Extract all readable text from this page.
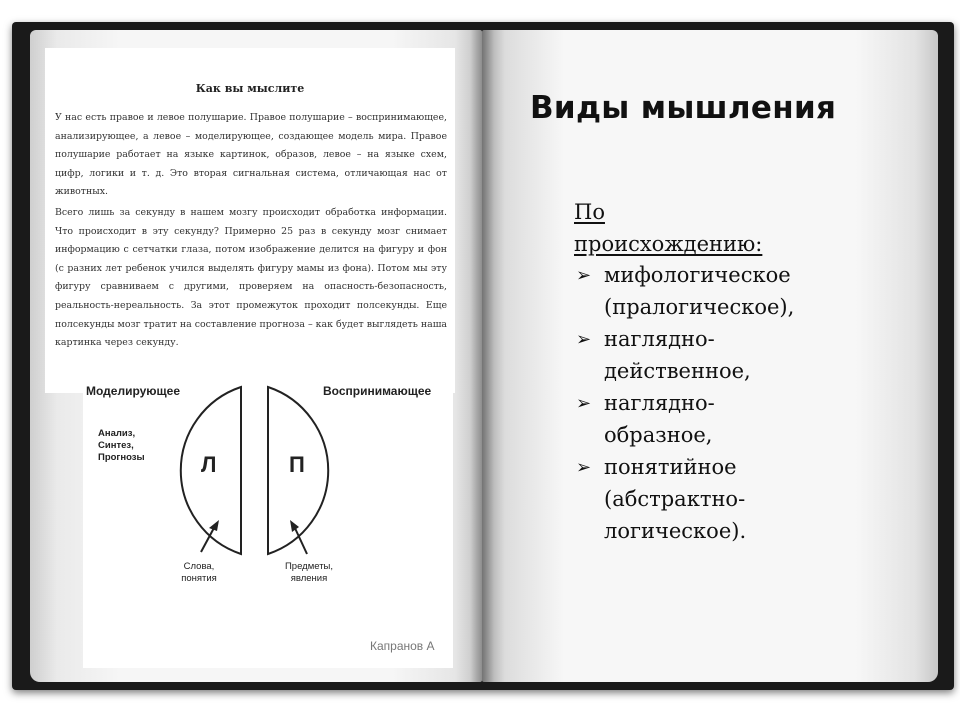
Как вы мыслите

У нас есть правое и левое полушарие. Правое полушарие – воспринимающее, анализирующее, а левое – моделирующее, создающее модель мира. Правое полушарие работает на языке картинок, образов, левое – на языке схем, цифр, логики и т. д. Это вторая сигнальная система, отличающая нас от животных.

Всего лишь за секунду в нашем мозгу происходит обработка информации. Что происходит в эту секунду? Примерно 25 раз в секунду мозг снимает информацию с сетчатки глаза, потом изображение делится на фигуру и фон (с разних лет ребенок учился выделять фигуру мамы из фона). Потом мы эту фигуру сравниваем с другими, проверяем на опасность-безопасность, реальность-нереальность. За этот промежуток проходит полсекунды. Еще полсекунды мозг тратит на составление прогноза – как будет выглядеть наша картинка через секунду.

Моделирующее	Воспринимающее
Л	П
Анализ,
Синтез,
Прогнозы
Слова,
понятия
Предметы,
явления
Капранов А
Виды мышления
По
происхождению:
➢ мифологическое
(пралогическое),
➢ наглядно-
действенное,
➢ наглядно-
образное,
➢ понятийное
(абстрактно-
логическое).
